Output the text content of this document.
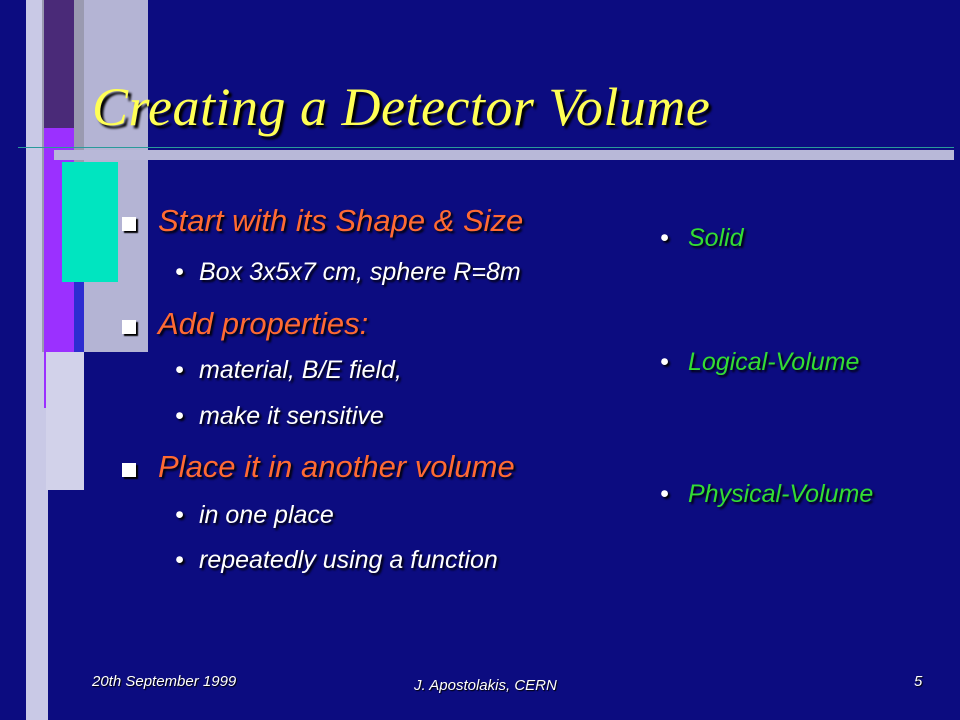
Creating a Detector Volume
Start with its Shape & Size
• Box 3x5x7 cm, sphere R=8m
Add properties:
• material, B/E field,
• make it sensitive
Place it in another volume
• in one place
• repeatedly using a function
• Solid
• Logical-Volume
• Physical-Volume
20th September 1999	J. Apostolakis, CERN	5
